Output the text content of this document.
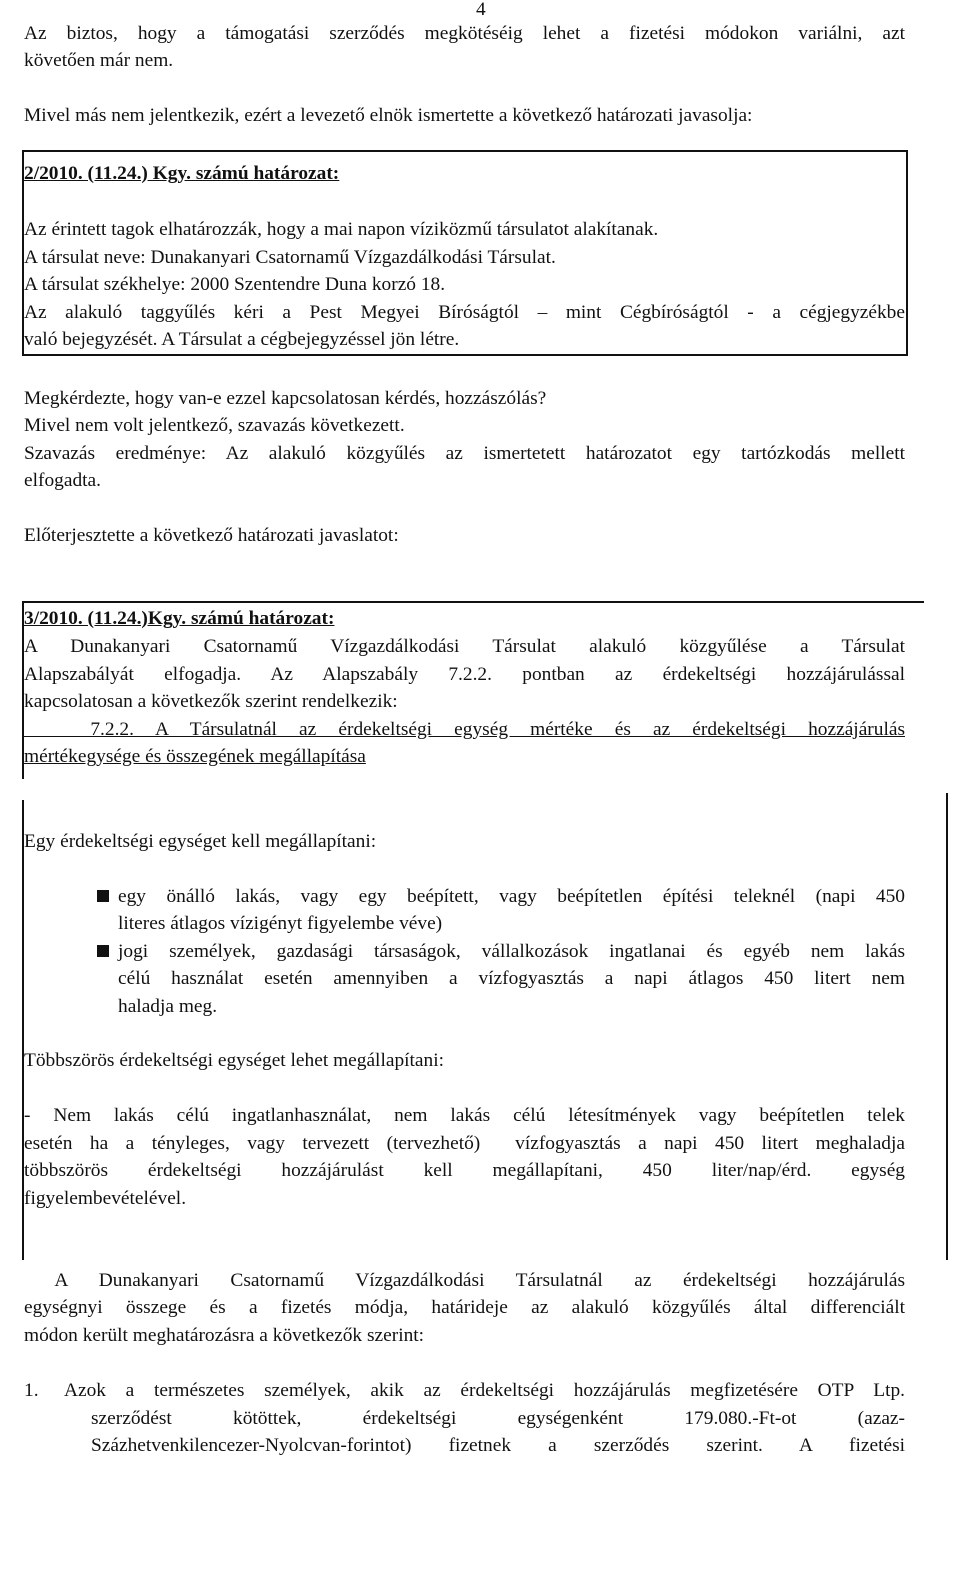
4
Az biztos, hogy a támogatási szerződés megkötéséig lehet a fizetési módokon variálni, azt
követően már nem.
Mivel más nem jelentkezik, ezért a levezető elnök ismertette a következő határozati javasolja:
2/2010. (11.24.) Kgy. számú határozat:
Az érintett tagok elhatározzák, hogy a mai napon víziközmű társulatot alakítanak.
A társulat neve: Dunakanyari Csatornamű Vízgazdálkodási Társulat.
A társulat székhelye: 2000 Szentendre Duna korzó 18.
Az alakuló taggyűlés kéri a Pest Megyei Bíróságtól – mint Cégbíróságtól - a cégjegyzékbe
való bejegyzését. A Társulat a cégbejegyzéssel jön létre.
Megkérdezte, hogy van-e ezzel kapcsolatosan kérdés, hozzászólás?
Mivel nem volt jelentkező, szavazás következett.
Szavazás eredménye: Az alakuló közgyűlés az ismertetett határozatot egy tartózkodás mellett
elfogadta.
Előterjesztette a következő határozati javaslatot:
3/2010. (11.24.)Kgy. számú határozat:
A Dunakanyari Csatornamű Vízgazdálkodási Társulat alakuló közgyűlése a Társulat
Alapszabályát elfogadja. Az Alapszabály 7.2.2. pontban az érdekeltségi hozzájárulással
kapcsolatosan a következők szerint rendelkezik:
7.2.2. A Társulatnál az érdekeltségi egység mértéke és az érdekeltségi hozzájárulás
mértékegysége és összegének megállapítása
Egy érdekeltségi egységet kell megállapítani:
egy önálló lakás, vagy egy beépített, vagy beépítetlen építési teleknél (napi 450
literes átlagos vízigényt figyelembe véve)
jogi személyek, gazdasági társaságok, vállalkozások ingatlanai és egyéb nem lakás
célú használat esetén amennyiben a vízfogyasztás a napi átlagos 450 litert nem
haladja meg.
Többszörös érdekeltségi egységet lehet megállapítani:
- Nem lakás célú ingatlanhasználat, nem lakás célú létesítmények vagy beépítetlen telek
esetén ha a tényleges, vagy tervezett (tervezhető)  vízfogyasztás a napi 450 litert meghaladja
többszörös érdekeltségi hozzájárulást kell megállapítani, 450 liter/nap/érd. egység
figyelembevételével.
A Dunakanyari Csatornamű Vízgazdálkodási Társulatnál az érdekeltségi hozzájárulás
egységnyi összege és a fizetés módja, határideje az alakuló közgyűlés által differenciált
módon került meghatározásra a következők szerint:
1. Azok a természetes személyek, akik az érdekeltségi hozzájárulás megfizetésére OTP Ltp.
szerződést kötöttek, érdekeltségi egységenként 179.080.-Ft-ot (azaz-
Százhetvenkilencezer-Nyolcvan-forintot) fizetnek a szerződés szerint. A fizetési
